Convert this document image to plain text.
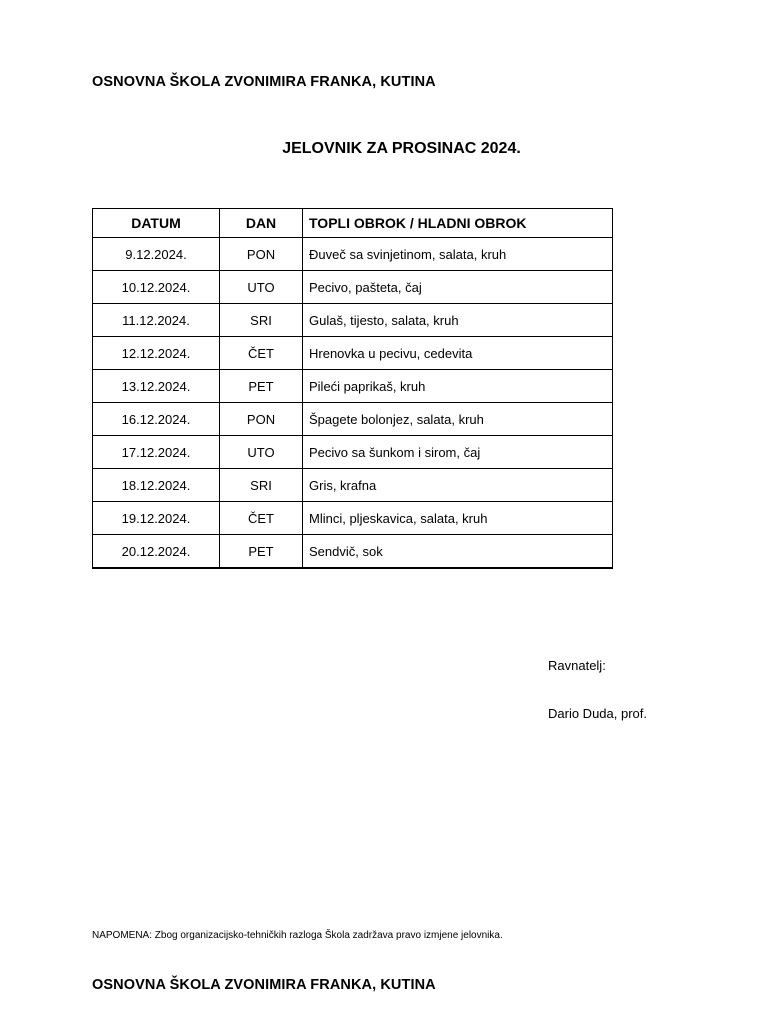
OSNOVNA ŠKOLA ZVONIMIRA FRANKA, KUTINA
JELOVNIK ZA PROSINAC 2024.
DATUM	DAN	TOPLI OBROK / HLADNI OBROK
9.12.2024.	PON	Đuveč sa svinjetinom, salata, kruh
10.12.2024.	UTO	Pecivo, pašteta, čaj
11.12.2024.	SRI	Gulaš, tijesto, salata, kruh
12.12.2024.	ČET	Hrenovka u pecivu, cedevita
13.12.2024.	PET	Pileći paprikaš, kruh
16.12.2024.	PON	Špagete bolonjez, salata, kruh
17.12.2024.	UTO	Pecivo sa šunkom i sirom, čaj
18.12.2024.	SRI	Gris, krafna
19.12.2024.	ČET	Mlinci, pljeskavica, salata, kruh
20.12.2024.	PET	Sendvič, sok
Ravnatelj:
Dario Duda, prof.
NAPOMENA: Zbog organizacijsko-tehničkih razloga Škola zadržava pravo izmjene jelovnika.
OSNOVNA ŠKOLA ZVONIMIRA FRANKA, KUTINA
